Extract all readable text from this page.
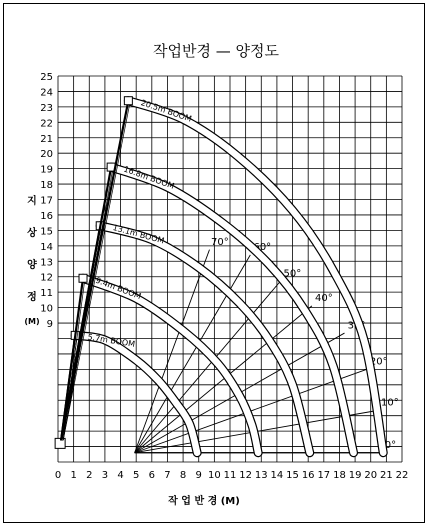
작업반경 — 양정도
0°
10°
20°
30°
40°
50°
60°
70°
5.7m BOOM
9.4m BOOM
13.1m BOOM
16.8m BOOM
20.5m BOOM
0 1 2 3 4 5 6 7 8 9 10 11 12 13 14 15 16 17 18 19 20 21 22
9
10
11
12
13
14
15
16
17
18
19
20
21
22
23
24
25
작 업 반 경 (M)
지
상
양
정
(M)
